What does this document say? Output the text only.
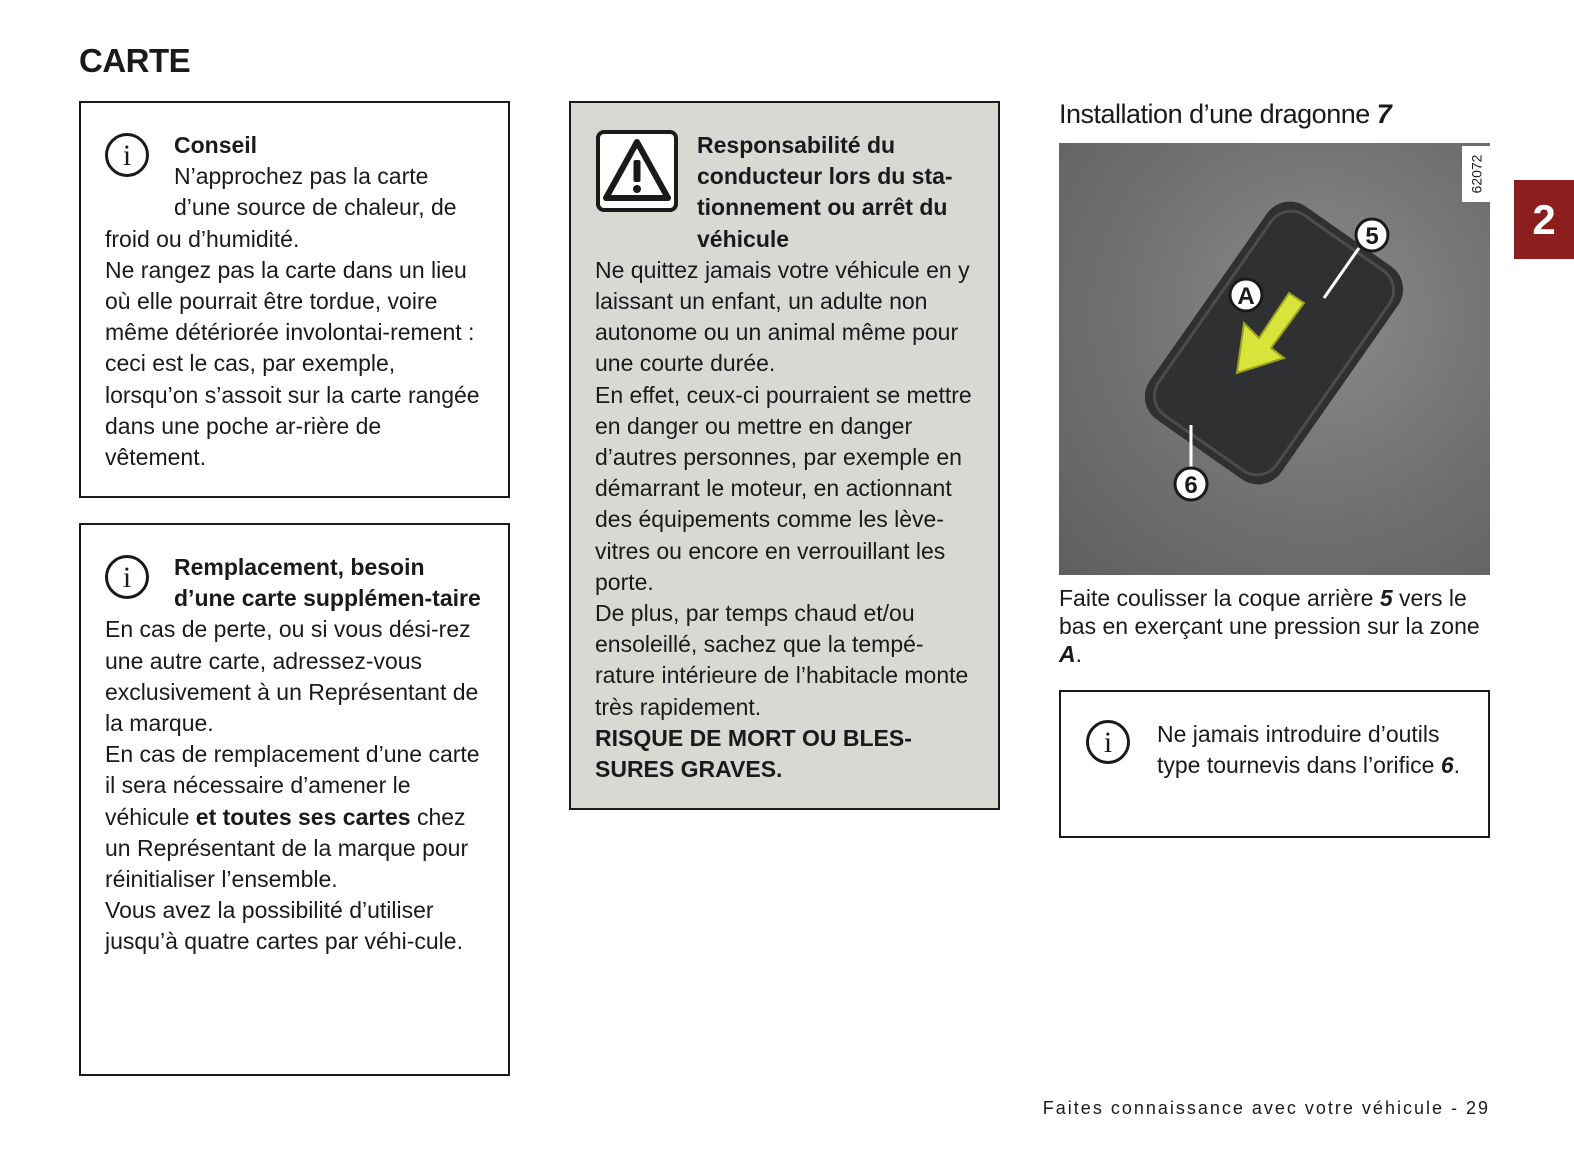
CARTE
2
i	Conseil

N’approchez pas la carte d’une source de chaleur, de

froid ou d’humidité.

Ne rangez pas la carte dans un lieu où elle pourrait être tordue, voire même détériorée involontai-rement : ceci est le cas, par exemple, lorsqu’on s’assoit sur la carte rangée dans une poche ar-rière de vêtement.

i	Remplacement, besoin d’une carte supplémen-taire

En cas de perte, ou si vous dési-rez une autre carte, adressez-vous exclusivement à un Représentant de la marque.

En cas de remplacement d’une carte il sera nécessaire d’amener le véhicule et toutes ses cartes chez un Représentant de la marque pour réinitialiser l’ensemble.

Vous avez la possibilité d’utiliser jusqu’à quatre cartes par véhi-cule.

Responsabilité du conducteur lors du sta-tionnement ou arrêt du véhicule

Ne quittez jamais votre véhicule en y laissant un enfant, un adulte non autonome ou un animal même pour une courte durée.

En effet, ceux-ci pourraient se mettre en danger ou mettre en danger d’autres personnes, par exemple en démarrant le moteur, en actionnant des équipements comme les lève-vitres ou encore en verrouillant les porte.

De plus, par temps chaud et/ou ensoleillé, sachez que la tempé-rature intérieure de l’habitacle monte très rapidement.

RISQUE DE MORT OU BLES-SURES GRAVES.

Installation d’une dragonne 7
5
A
6
62072

Faite coulisser la coque arrière 5 vers le bas en exerçant une pression sur la zone A.

i	Ne jamais introduire d’outils type tournevis dans l’orifice 6.

Faites connaissance avec votre véhicule - 29
